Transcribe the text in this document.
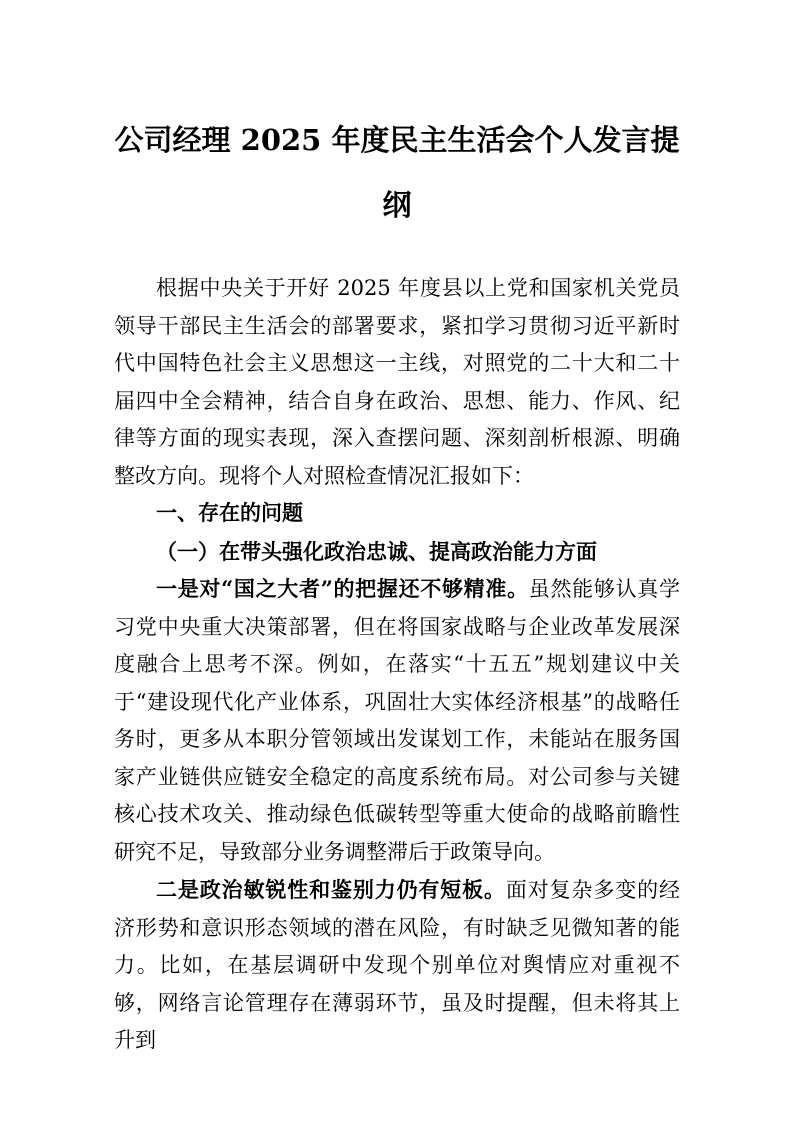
公司经理 2025 年度民主生活会个人发言提
纲

根据中央关于开好 2025 年度县以上党和国家机关党员领导干部民主生活会的部署要求，紧扣学习贯彻习近平新时代中国特色社会主义思想这一主线，对照党的二十大和二十届四中全会精神，结合自身在政治、思想、能力、作风、纪律等方面的现实表现，深入查摆问题、深刻剖析根源、明确整改方向。现将个人对照检查情况汇报如下：

一、存在的问题

（一）在带头强化政治忠诚、提高政治能力方面

一是对“国之大者”的把握还不够精准。虽然能够认真学习党中央重大决策部署，但在将国家战略与企业改革发展深度融合上思考不深。例如，在落实“十五五”规划建议中关于“建设现代化产业体系，巩固壮大实体经济根基”的战略任务时，更多从本职分管领域出发谋划工作，未能站在服务国家产业链供应链安全稳定的高度系统布局。对公司参与关键核心技术攻关、推动绿色低碳转型等重大使命的战略前瞻性研究不足，导致部分业务调整滞后于政策导向。

二是政治敏锐性和鉴别力仍有短板。面对复杂多变的经济形势和意识形态领域的潜在风险，有时缺乏见微知著的能力。比如，在基层调研中发现个别单位对舆情应对重视不够，网络言论管理存在薄弱环节，虽及时提醒，但未将其上升到
